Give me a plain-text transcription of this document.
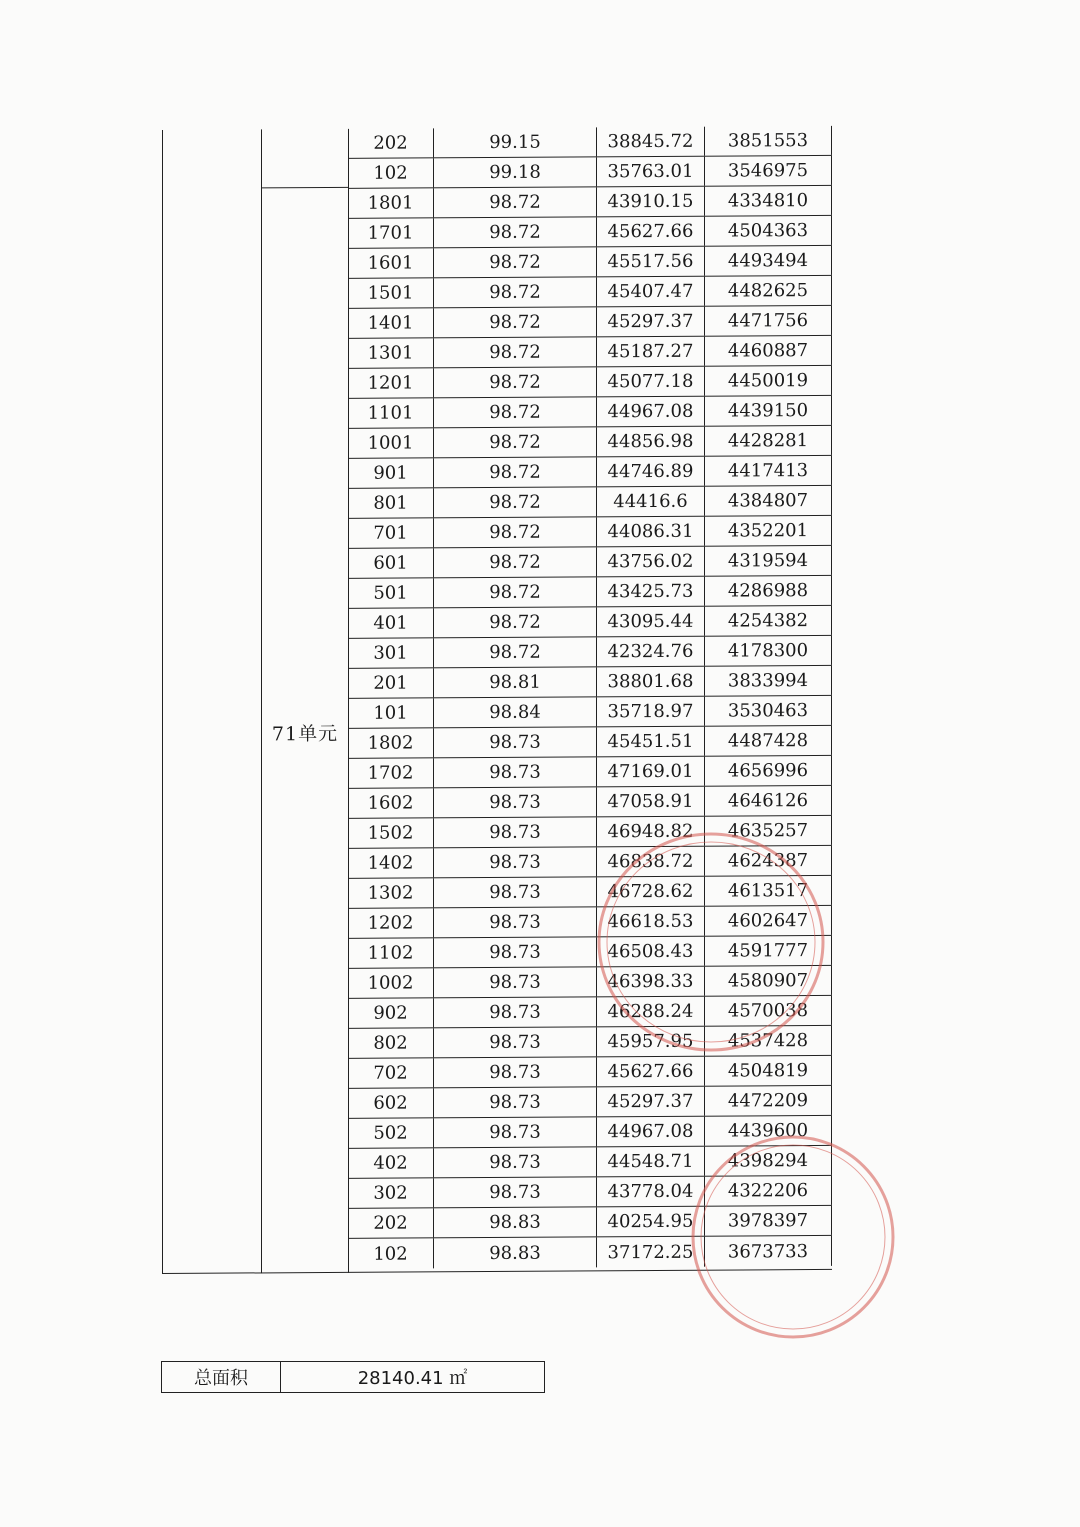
71单元
202	99.15	38845.72	3851553
102	99.18	35763.01	3546975
1801	98.72	43910.15	4334810
1701	98.72	45627.66	4504363
1601	98.72	45517.56	4493494
1501	98.72	45407.47	4482625
1401	98.72	45297.37	4471756
1301	98.72	45187.27	4460887
1201	98.72	45077.18	4450019
1101	98.72	44967.08	4439150
1001	98.72	44856.98	4428281
901	98.72	44746.89	4417413
801	98.72	44416.6	4384807
701	98.72	44086.31	4352201
601	98.72	43756.02	4319594
501	98.72	43425.73	4286988
401	98.72	43095.44	4254382
301	98.72	42324.76	4178300
201	98.81	38801.68	3833994
101	98.84	35718.97	3530463
1802	98.73	45451.51	4487428
1702	98.73	47169.01	4656996
1602	98.73	47058.91	4646126
1502	98.73	46948.82	4635257
1402	98.73	46838.72	4624387
1302	98.73	46728.62	4613517
1202	98.73	46618.53	4602647
1102	98.73	46508.43	4591777
1002	98.73	46398.33	4580907
902	98.73	46288.24	4570038
802	98.73	45957.95	4537428
702	98.73	45627.66	4504819
602	98.73	45297.37	4472209
502	98.73	44967.08	4439600
402	98.73	44548.71	4398294
302	98.73	43778.04	4322206
202	98.83	40254.95	3978397
102	98.83	37172.25	3673733
总面积	28140.41 ㎡
